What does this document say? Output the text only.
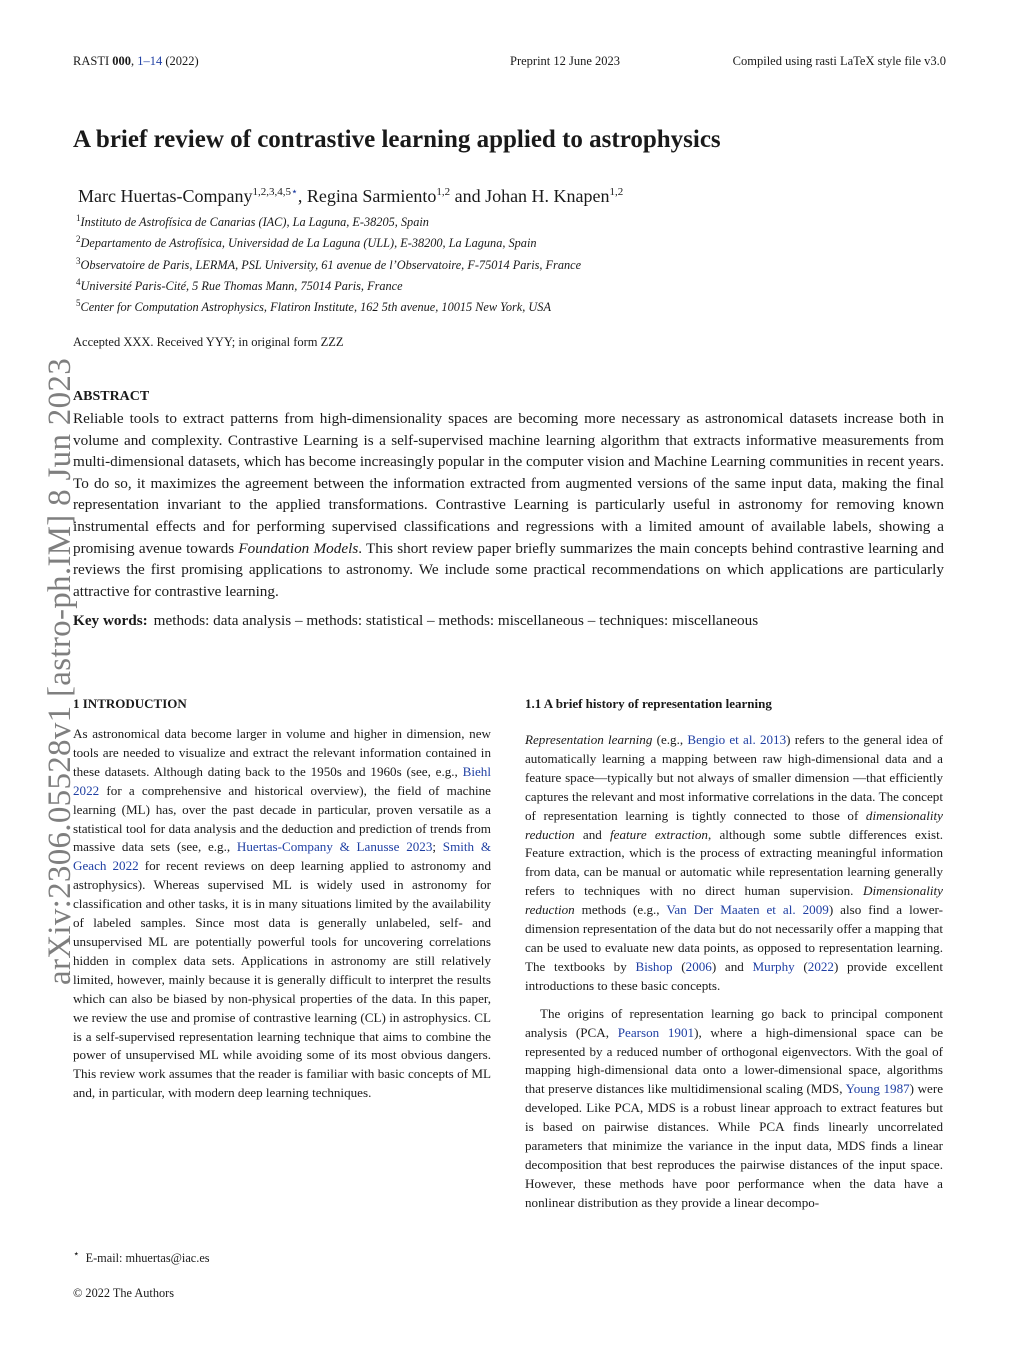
RASTI 000, 1–14 (2022)	Preprint 12 June 2023	Compiled using rasti LaTeX style file v3.0
arXiv:2306.05528v1 [astro-ph.IM] 8 Jun 2023
A brief review of contrastive learning applied to astrophysics
Marc Huertas-Company$^{1,2,3,4,5⋆}$, Regina Sarmiento$^{1,2}$ and Johan H. Knapen$^{1,2}$
$^1$Instituto de Astrofísica de Canarias (IAC), La Laguna, E-38205, Spain
$^2$Departamento de Astrofísica, Universidad de La Laguna (ULL), E-38200, La Laguna, Spain
$^3$Observatoire de Paris, LERMA, PSL University, 61 avenue de l’Observatoire, F-75014 Paris, France
$^4$Université Paris-Cité, 5 Rue Thomas Mann, 75014 Paris, France
$^5$Center for Computation Astrophysics, Flatiron Institute, 162 5th avenue, 10015 New York, USA
Accepted XXX. Received YYY; in original form ZZZ
ABSTRACT
Reliable tools to extract patterns from high-dimensionality spaces are becoming more necessary as astronomical datasets increase both in volume and complexity. Contrastive Learning is a self-supervised machine learning algorithm that extracts informative measurements from multi-dimensional datasets, which has become increasingly popular in the computer vision and Machine Learning communities in recent years. To do so, it maximizes the agreement between the information extracted from augmented versions of the same input data, making the final representation invariant to the applied transformations. Contrastive Learning is particularly useful in astronomy for removing known instrumental effects and for performing supervised classifications and regressions with a limited amount of available labels, showing a promising avenue towards Foundation Models. This short review paper briefly summarizes the main concepts behind contrastive learning and reviews the first promising applications to astronomy. We include some practical recommendations on which applications are particularly attractive for contrastive learning.
Key words: methods: data analysis – methods: statistical – methods: miscellaneous – techniques: miscellaneous
1 INTRODUCTION	1.1 A brief history of representation learning

As astronomical data become larger in volume and higher in dimension, new tools are needed to visualize and extract the relevant information contained in these datasets. Although dating back to the 1950s and 1960s (see, e.g., Biehl 2022 for a comprehensive and historical overview), the field of machine learning (ML) has, over the past decade in particular, proven versatile as a statistical tool for data analysis and the deduction and prediction of trends from massive data sets (see, e.g., Huertas-Company & Lanusse 2023; Smith & Geach 2022 for recent reviews on deep learning applied to astronomy and astrophysics). Whereas supervised ML is widely used in astronomy for classification and other tasks, it is in many situations limited by the availability of labeled samples. Since most data is generally unlabeled, self- and unsupervised ML are potentially powerful tools for uncovering correlations hidden in complex data sets. Applications in astronomy are still relatively limited, however, mainly because it is generally difficult to interpret the results which can also be biased by non-physical properties of the data. In this paper, we review the use and promise of contrastive learning (CL) in astrophysics. CL is a self-supervised representation learning technique that aims to combine the power of unsupervised ML while avoiding some of its most obvious dangers. This review work assumes that the reader is familiar with basic concepts of ML and, in particular, with modern deep learning techniques.

Representation learning (e.g., Bengio et al. 2013) refers to the general idea of automatically learning a mapping between raw high-dimensional data and a feature space—typically but not always of smaller dimension —that efficiently captures the relevant and most informative correlations in the data. The concept of representation learning is tightly connected to those of dimensionality reduction and feature extraction, although some subtle differences exist. Feature extraction, which is the process of extracting meaningful information from data, can be manual or automatic while representation learning generally refers to techniques with no direct human supervision. Dimensionality reduction methods (e.g., Van Der Maaten et al. 2009) also find a lower-dimension representation of the data but do not necessarily offer a mapping that can be used to evaluate new data points, as opposed to representation learning. The textbooks by Bishop (2006) and Murphy (2022) provide excellent introductions to these basic concepts.

The origins of representation learning go back to principal component analysis (PCA, Pearson 1901), where a high-dimensional space can be represented by a reduced number of orthogonal eigenvectors. With the goal of mapping high-dimensional data onto a lower-dimensional space, algorithms that preserve distances like multidimensional scaling (MDS, Young 1987) were developed. Like PCA, MDS is a robust linear approach to extract features but is based on pairwise distances. While PCA finds linearly uncorrelated parameters that minimize the variance in the input data, MDS finds a linear decomposition that best reproduces the pairwise distances of the input space. However, these methods have poor performance when the data have a nonlinear distribution as they provide a linear decompo-

⋆ E-mail: mhuertas@iac.es
© 2022 The Authors
